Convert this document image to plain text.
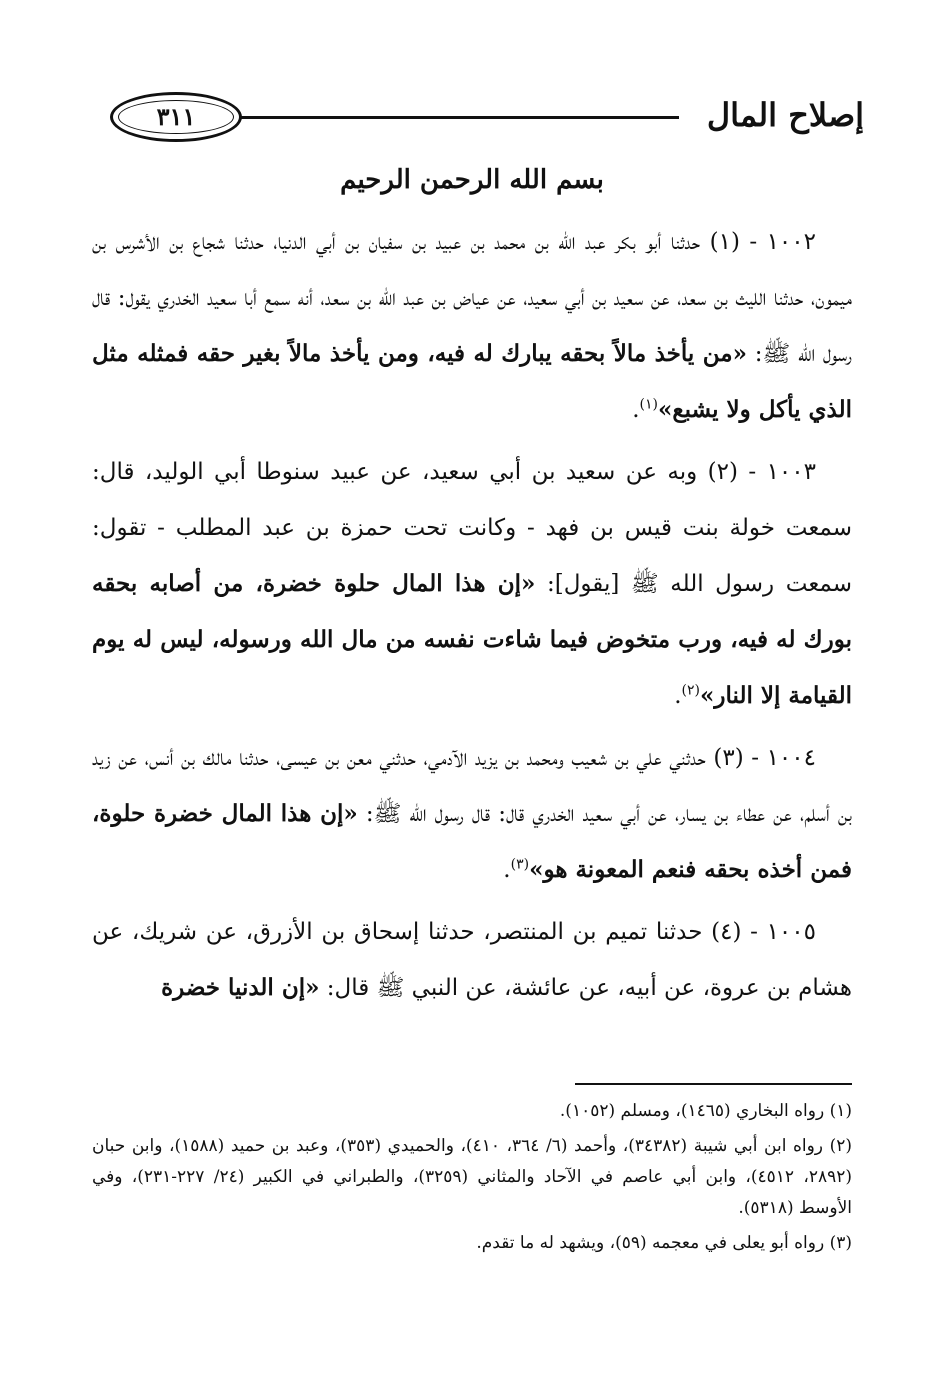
إصلاح المال
٣١١
بسم الله الرحمن الرحيم

١٠٠٢ - (١) حدثنا أبو بكر عبد الله بن محمد بن عبيد بن سفيان بن أبي الدنيا، حدثنا شجاع بن الأشرس بن ميمون، حدثنا الليث بن سعد، عن سعيد بن أبي سعيد، عن عياض بن عبد الله بن سعد، أنه سمع أبا سعيد الخدري يقول: قال رسول الله ﷺ: «من يأخذ مالاً بحقه يبارك له فيه، ومن يأخذ مالاً بغير حقه فمثله مثل الذي يأكل ولا يشبع»$^{(١)}$.

١٠٠٣ - (٢) وبه عن سعيد بن أبي سعيد، عن عبيد سنوطا أبي الوليد، قال: سمعت خولة بنت قيس بن فهد - وكانت تحت حمزة بن عبد المطلب - تقول: سمعت رسول الله ﷺ [يقول]: «إن هذا المال حلوة خضرة، من أصابه بحقه بورك له فيه، ورب متخوض فيما شاءت نفسه من مال الله ورسوله، ليس له يوم القيامة إلا النار»$^{(٢)}$.

١٠٠٤ - (٣) حدثني علي بن شعيب ومحمد بن يزيد الآدمي، حدثني معن بن عيسى، حدثنا مالك بن أنس، عن زيد بن أسلم، عن عطاء بن يسار، عن أبي سعيد الخدري قال: قال رسول الله ﷺ: «إن هذا المال خضرة حلوة، فمن أخذه بحقه فنعم المعونة هو»$^{(٣)}$.

١٠٠٥ - (٤) حدثنا تميم بن المنتصر، حدثنا إسحاق بن الأزرق، عن شريك، عن هشام بن عروة، عن أبيه، عن عائشة، عن النبي ﷺ قال: «إن الدنيا خضرة

(١) رواه البخاري (١٤٦٥)، ومسلم (١٠٥٢).

(٢) رواه ابن أبي شيبة (٣٤٣٨٢)، وأحمد (٦/ ٣٦٤، ٤١٠)، والحميدي (٣٥٣)، وعبد بن حميد (١٥٨٨)، وابن حبان (٢٨٩٢، ٤٥١٢)، وابن أبي عاصم في الآحاد والمثاني (٣٢٥٩)، والطبراني في الكبير (٢٤/ ٢٢٧-٢٣١)، وفي الأوسط (٥٣١٨).

(٣) رواه أبو يعلى في معجمه (٥٩)، ويشهد له ما تقدم.
